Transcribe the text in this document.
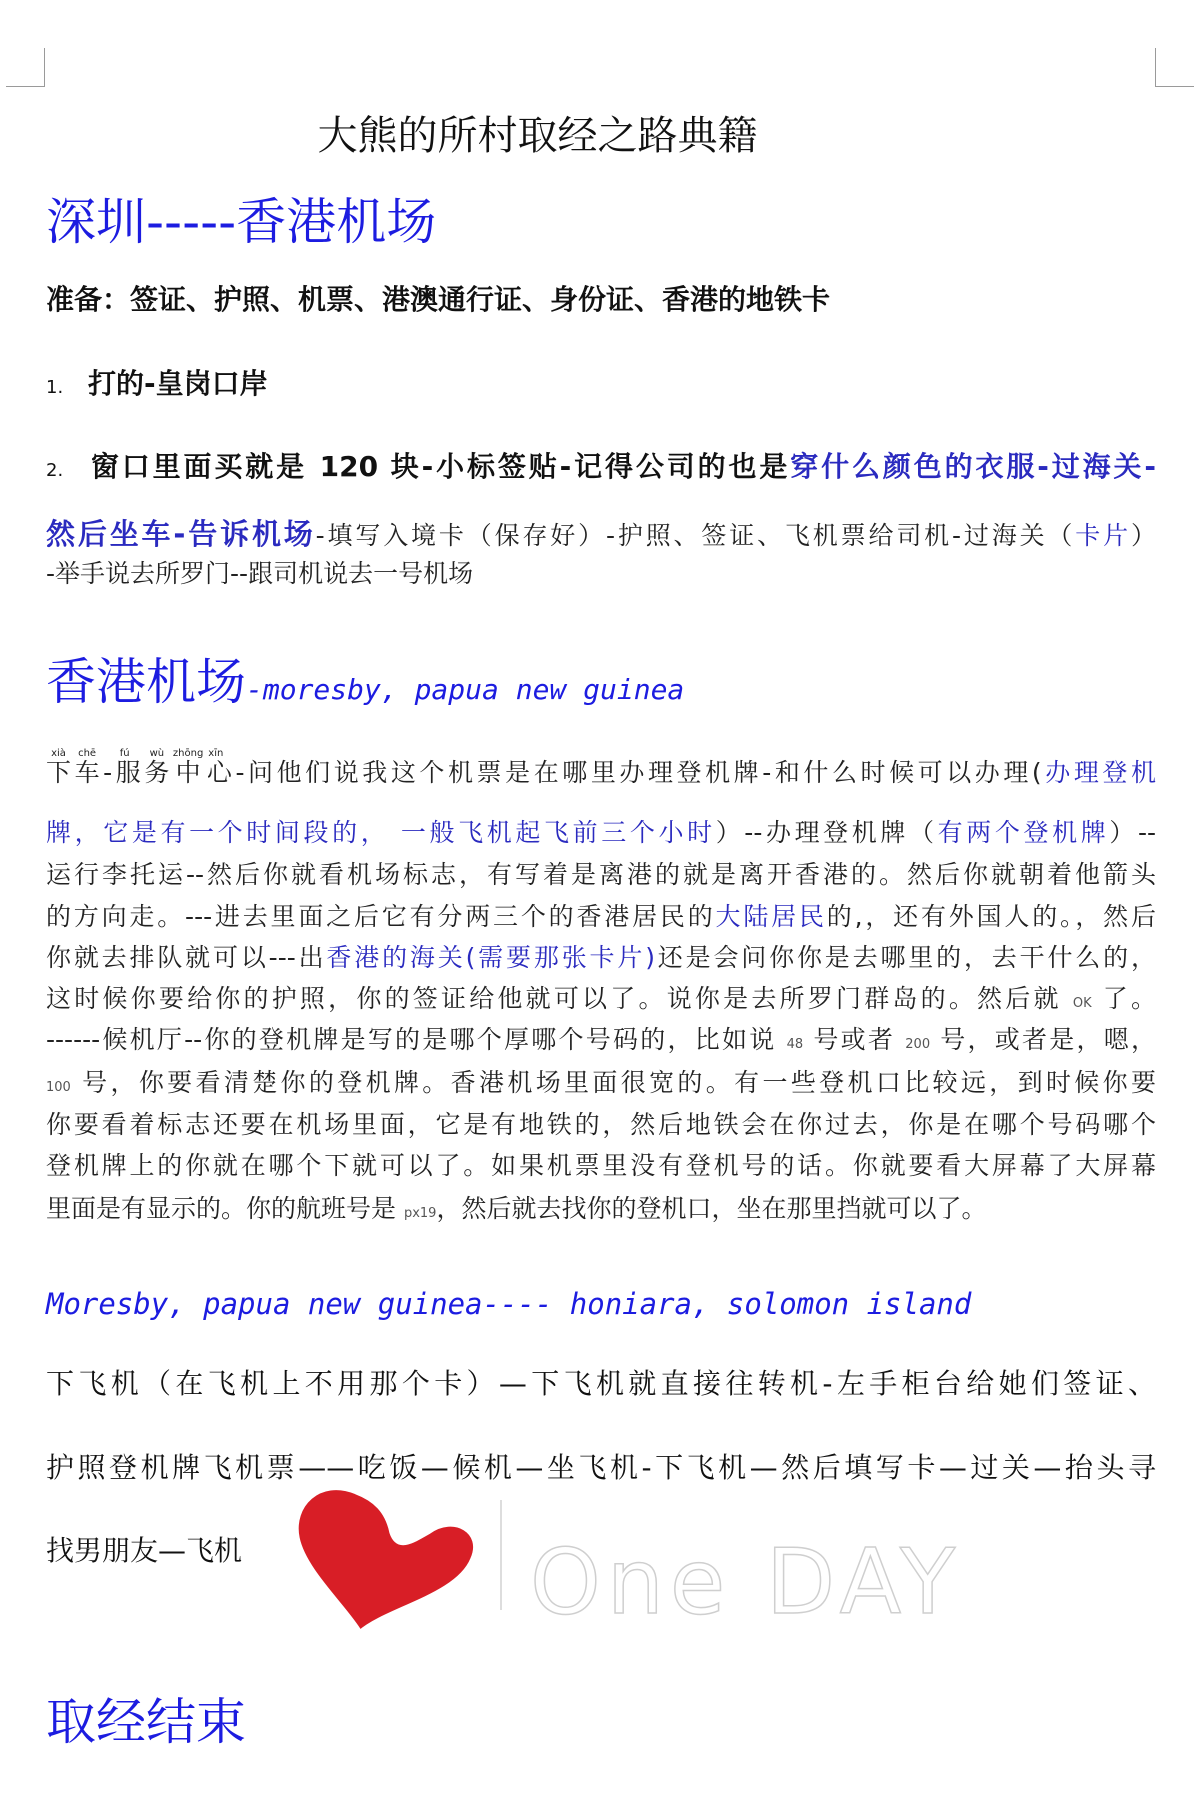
大熊的所村取经之路典籍
深圳-----香港机场
准备：签证、护照、机票、港澳通行证、身份证、香港的地铁卡
1. 打的-皇岗口岸
2. 窗口里面买就是 120 块-小标签贴-记得公司的也是穿什么颜色的衣服-过海关-
然后坐车-告诉机场-填写入境卡（保存好）-护照、签证、飞机票给司机-过海关（卡片）
-举手说去所罗门--跟司机说去一号机场
香港机场-moresby, papua new guinea
下xià车chē-服fú务wù中zhōng心xīn-问他们说我这个机票是在哪里办理登机牌-和什么时候可以办理(办理登机
牌，它是有一个时间段的， 一般飞机起飞前三个小时）--办理登机牌（有两个登机牌）--
运行李托运--然后你就看机场标志，有写着是离港的就是离开香港的。然后你就朝着他箭头
的方向走。---进去里面之后它有分两三个的香港居民的大陆居民的,，还有外国人的。，然后
你就去排队就可以---出香港的海关(需要那张卡片)还是会问你你是去哪里的，去干什么的，
这时候你要给你的护照，你的签证给他就可以了。说你是去所罗门群岛的。然后就 OK 了。
------候机厅--你的登机牌是写的是哪个厚哪个号码的，比如说 48 号或者 200 号，或者是，嗯，
100 号，你要看清楚你的登机牌。香港机场里面很宽的。有一些登机口比较远，到时候你要
你要看着标志还要在机场里面，它是有地铁的，然后地铁会在你过去，你是在哪个号码哪个
登机牌上的你就在哪个下就可以了。如果机票里没有登机号的话。你就要看大屏幕了大屏幕
里面是有显示的。你的航班号是 px19，然后就去找你的登机口，坐在那里挡就可以了。
Moresby, papua new guinea---- honiara, solomon island
下飞机（在飞机上不用那个卡）—下飞机就直接往转机-左手柜台给她们签证、
护照登机牌飞机票——吃饭—候机—坐飞机-下飞机—然后填写卡—过关—抬头寻
找男朋友—飞机	One DAY
取经结束
